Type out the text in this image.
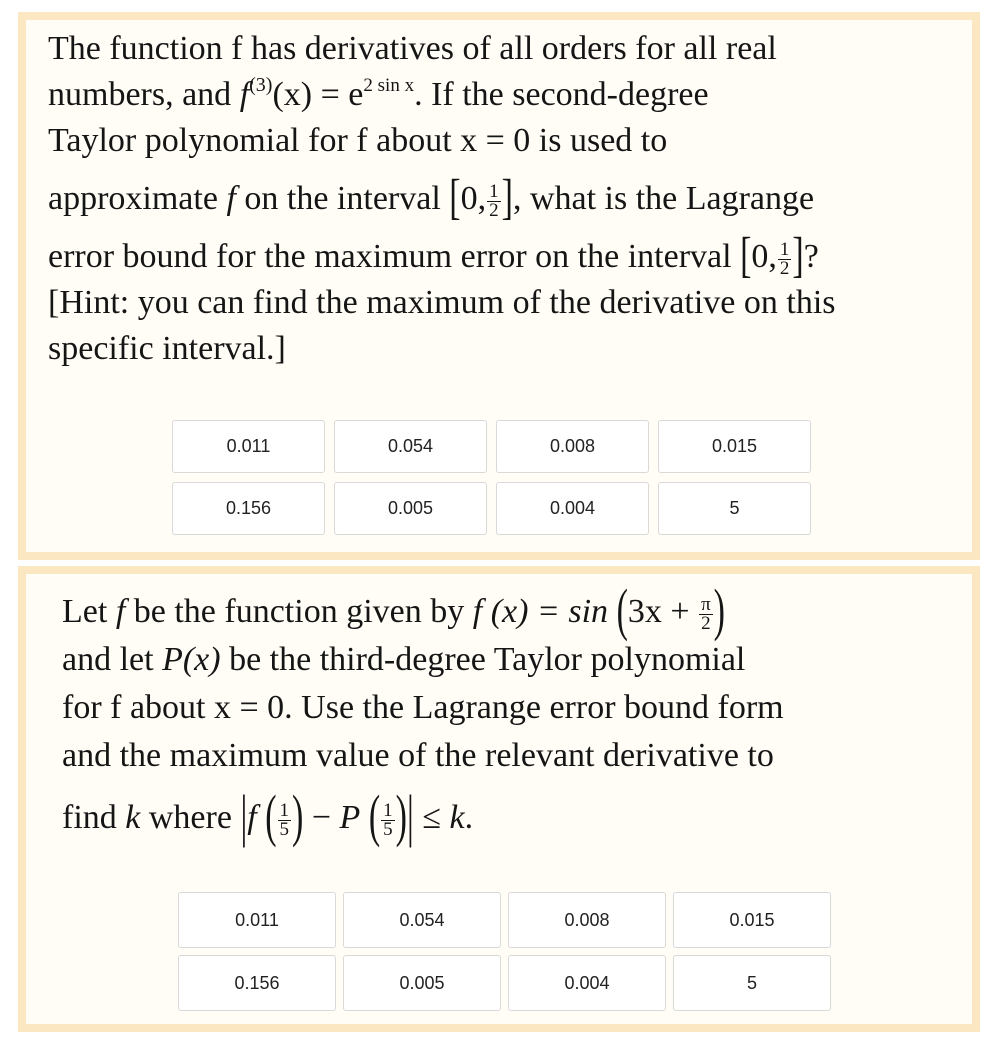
The function f has derivatives of all orders for all real
numbers, and $f^{(3)}(x) = e^{2 sin x}$. If the second-degree
Taylor polynomial for f about x = 0 is used to
approximate f on the interval [0, $\frac{1}{2}$ ], what is the Lagrange
error bound for the maximum error on the interval [0, $\frac{1}{2}$ ]?
[Hint: you can find the maximum of the derivative on this
specific interval.]
0.011	0.054	0.008	0.015
0.156	0.005	0.004	5
Let f be the function given by f $(x) = \sin (3x + \frac{\pi}{2}$ )
and let P(x) be the third-degree Taylor polynomial
for f about x = 0. Use the Lagrange error bound form
and the maximum value of the relevant derivative to
find k where |f ( $\frac{1}{5}$ ) − P ( $\frac{1}{5}$ )| ≤ k.
0.011	0.054	0.008	0.015
0.156	0.005	0.004	5
